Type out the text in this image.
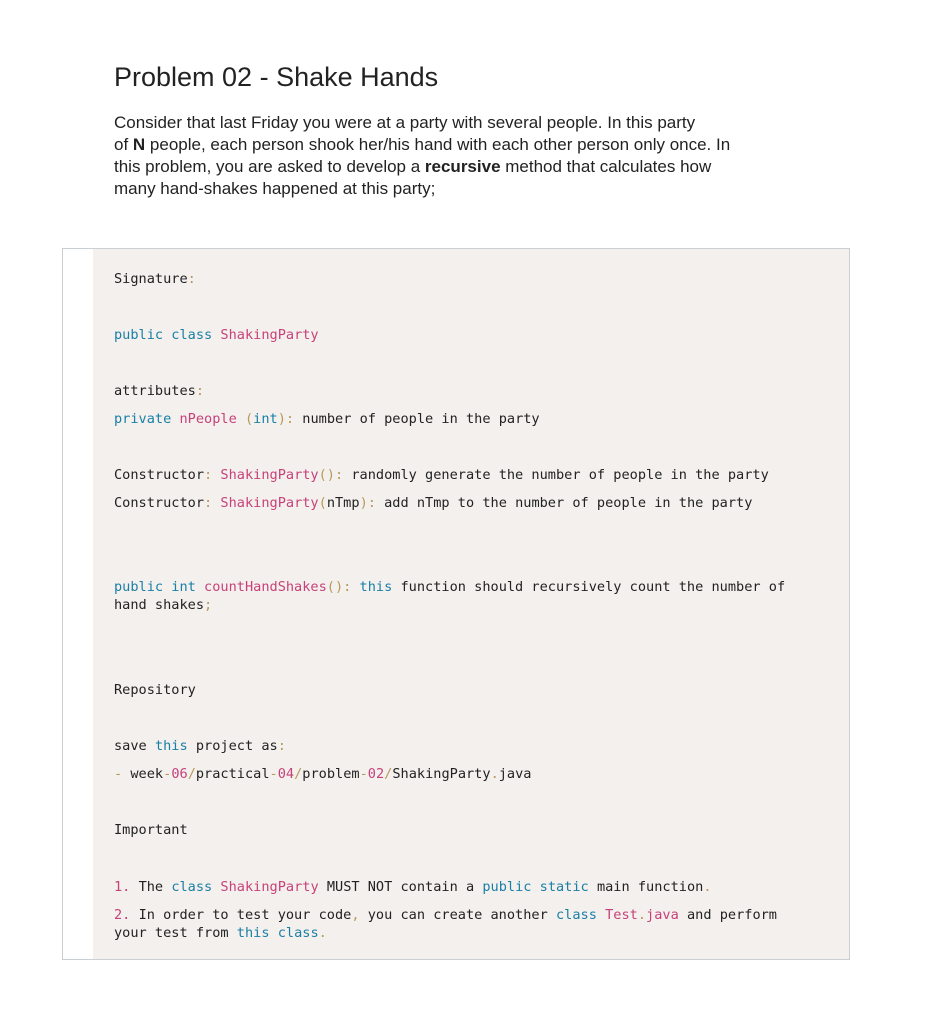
Problem 02 - Shake Hands
Consider that last Friday you were at a party with several people. In this party
of N people, each person shook her/his hand with each other person only once. In
this problem, you are asked to develop a recursive method that calculates how
many hand-shakes happened at this party;
Signature:
public class ShakingParty
attributes:
private nPeople (int): number of people in the party
Constructor: ShakingParty(): randomly generate the number of people in the party
Constructor: ShakingParty(nTmp): add nTmp to the number of people in the party
public int countHandShakes(): this function should recursively count the number of
hand shakes;
Repository
save this project as:
- week-06/practical-04/problem-02/ShakingParty.java
Important
1. The class ShakingParty MUST NOT contain a public static main function.
2. In order to test your code, you can create another class Test.java and perform
your test from this class.
